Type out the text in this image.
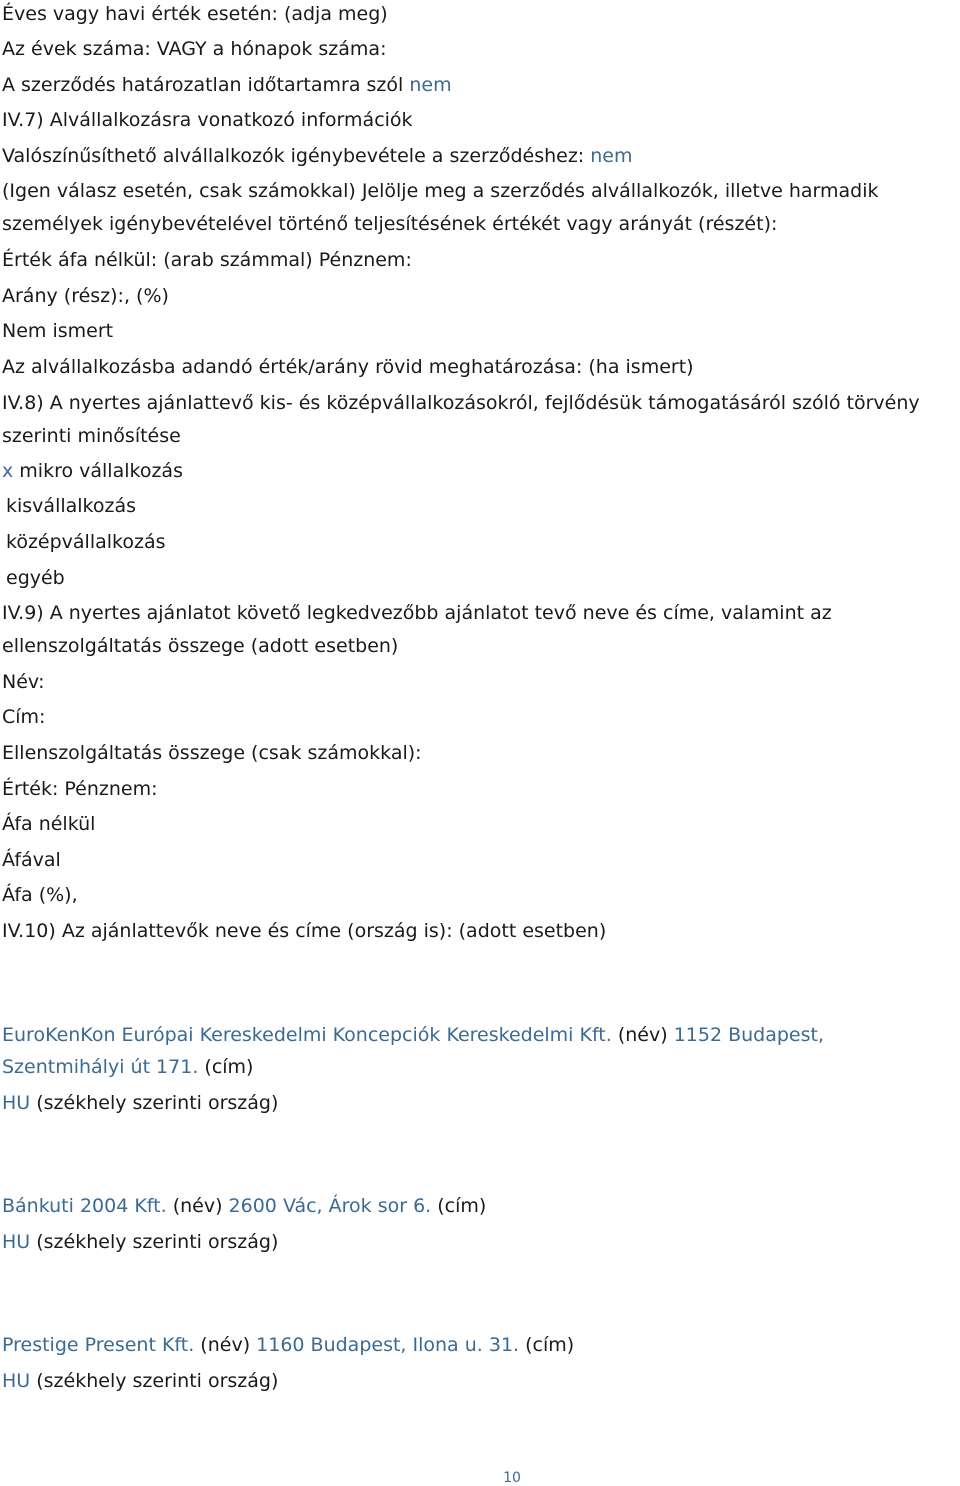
Éves vagy havi érték esetén: (adja meg)
Az évek száma: VAGY a hónapok száma:
A szerződés határozatlan időtartamra szól nem
IV.7) Alvállalkozásra vonatkozó információk
Valószínűsíthető alvállalkozók igénybevétele a szerződéshez: nem
(Igen válasz esetén, csak számokkal) Jelölje meg a szerződés alvállalkozók, illetve harmadik
személyek igénybevételével történő teljesítésének értékét vagy arányát (részét):
Érték áfa nélkül: (arab számmal) Pénznem:
Arány (rész):, (%)
Nem ismert
Az alvállalkozásba adandó érték/arány rövid meghatározása: (ha ismert)
IV.8) A nyertes ajánlattevő kis- és középvállalkozásokról, fejlődésük támogatásáról szóló törvény
szerinti minősítése
x mikro vállalkozás
kisvállalkozás
középvállalkozás
egyéb
IV.9) A nyertes ajánlatot követő legkedvezőbb ajánlatot tevő neve és címe, valamint az
ellenszolgáltatás összege (adott esetben)
Név:
Cím:
Ellenszolgáltatás összege (csak számokkal):
Érték: Pénznem:
Áfa nélkül
Áfával
Áfa (%),
IV.10) Az ajánlattevők neve és címe (ország is): (adott esetben)
EuroKenKon Európai Kereskedelmi Koncepciók Kereskedelmi Kft. (név) 1152 Budapest,
Szentmihályi út 171. (cím)
HU (székhely szerinti ország)
Bánkuti 2004 Kft. (név) 2600 Vác, Árok sor 6. (cím)
HU (székhely szerinti ország)
Prestige Present Kft. (név) 1160 Budapest, Ilona u. 31. (cím)
HU (székhely szerinti ország)
10
